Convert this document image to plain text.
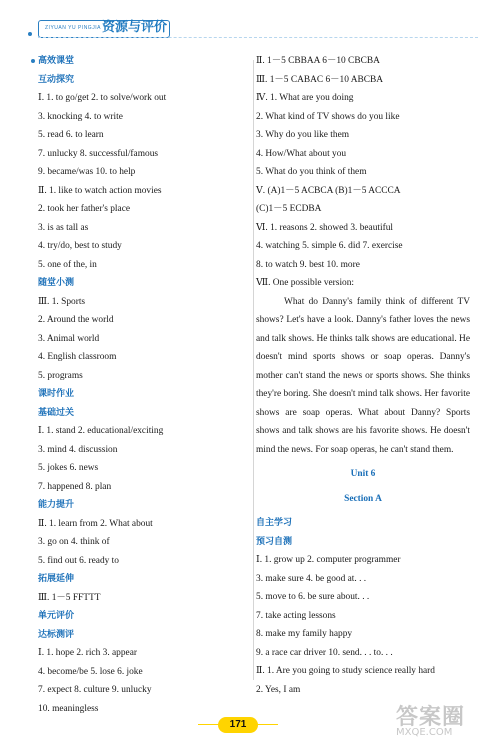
ZIYUAN YU PINGJIA 资源与评价
高效课堂
互动探究
Ⅰ. 1. to go/get 2. to solve/work out
3. knocking 4. to write
5. read 6. to learn
7. unlucky 8. successful/famous
9. became/was 10. to help
Ⅱ. 1. like to watch action movies
2. took her father's place
3. is as tall as
4. try/do, best to study
5. one of the, in
随堂小测
Ⅲ. 1. Sports
2. Around the world
3. Animal world
4. English classroom
5. programs
课时作业
基础过关
Ⅰ. 1. stand 2. educational/exciting
3. mind 4. discussion
5. jokes 6. news
7. happened 8. plan
能力提升
Ⅱ. 1. learn from 2. What about
3. go on 4. think of
5. find out 6. ready to
拓展延伸
Ⅲ. 1－5 FFTTT
单元评价
达标测评
Ⅰ. 1. hope 2. rich 3. appear
4. become/be 5. lose 6. joke
7. expect 8. culture 9. unlucky
10. meaningless
Ⅱ. 1－5 CBBAA 6－10 CBCBA
Ⅲ. 1－5 CABAC 6－10 ABCBA
Ⅳ. 1. What are you doing
2. What kind of TV shows do you like
3. Why do you like them
4. How/What about you
5. What do you think of them
Ⅴ. (A)1－5 ACBCA (B)1－5 ACCCA
(C)1－5 ECDBA
Ⅵ. 1. reasons 2. showed 3. beautiful
4. watching 5. simple 6. did 7. exercise
8. to watch 9. best 10. more
Ⅶ. One possible version:
What do Danny's family think of different TV shows? Let's have a look. Danny's father loves the news and talk shows. He thinks talk shows are educational. He doesn't mind sports shows or soap operas. Danny's mother can't stand the news or sports shows. She thinks they're boring. She doesn't mind talk shows. Her favorite shows are soap operas. What about Danny? Sports shows and talk shows are his favorite shows. He doesn't mind the news. For soap operas, he can't stand them.
Unit 6
Section A
自主学习
预习自测
Ⅰ. 1. grow up 2. computer programmer
3. make sure 4. be good at. . .
5. move to 6. be sure about. . .
7. take acting lessons
8. make my family happy
9. a race car driver 10. send. . . to. . .
Ⅱ. 1. Are you going to study science really hard
2. Yes, I am
171	答案圈
MXQE.COM
